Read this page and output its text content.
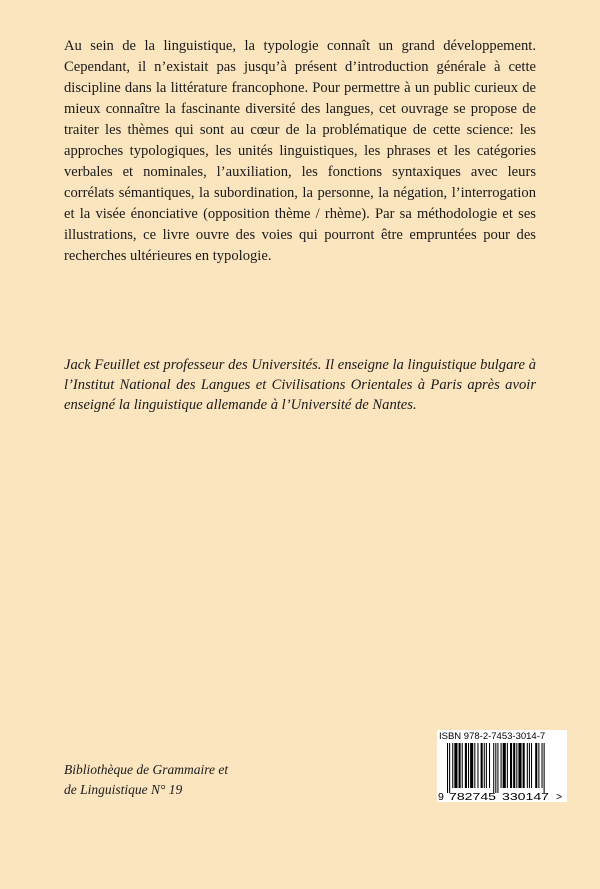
Au sein de la linguistique, la typologie connaît un grand développement. Cependant, il n’existait pas jusqu’à présent d’introduction générale à cette discipline dans la littérature francophone. Pour permettre à un public curieux de mieux connaître la fascinante diversité des langues, cet ouvrage se propose de traiter les thèmes qui sont au cœur de la problématique de cette science: les approches typologiques, les unités linguistiques, les phrases et les catégories verbales et nominales, l’auxiliation, les fonctions syntaxiques avec leurs corrélats sémantiques, la subordination, la personne, la négation, l’interrogation et la visée énonciative (opposition thème / rhème). Par sa méthodologie et ses illustrations, ce livre ouvre des voies qui pourront être empruntées pour des recherches ultérieures en typologie.

Jack Feuillet est professeur des Universités. Il enseigne la linguistique bulgare à l’Institut National des Langues et Civilisations Orientales à Paris après avoir enseigné la linguistique allemande à l’Université de Nantes.

Bibliothèque de Grammaire et
de Linguistique N° 19
ISBN 978-2-7453-3014-7
9 782745 330147 >
